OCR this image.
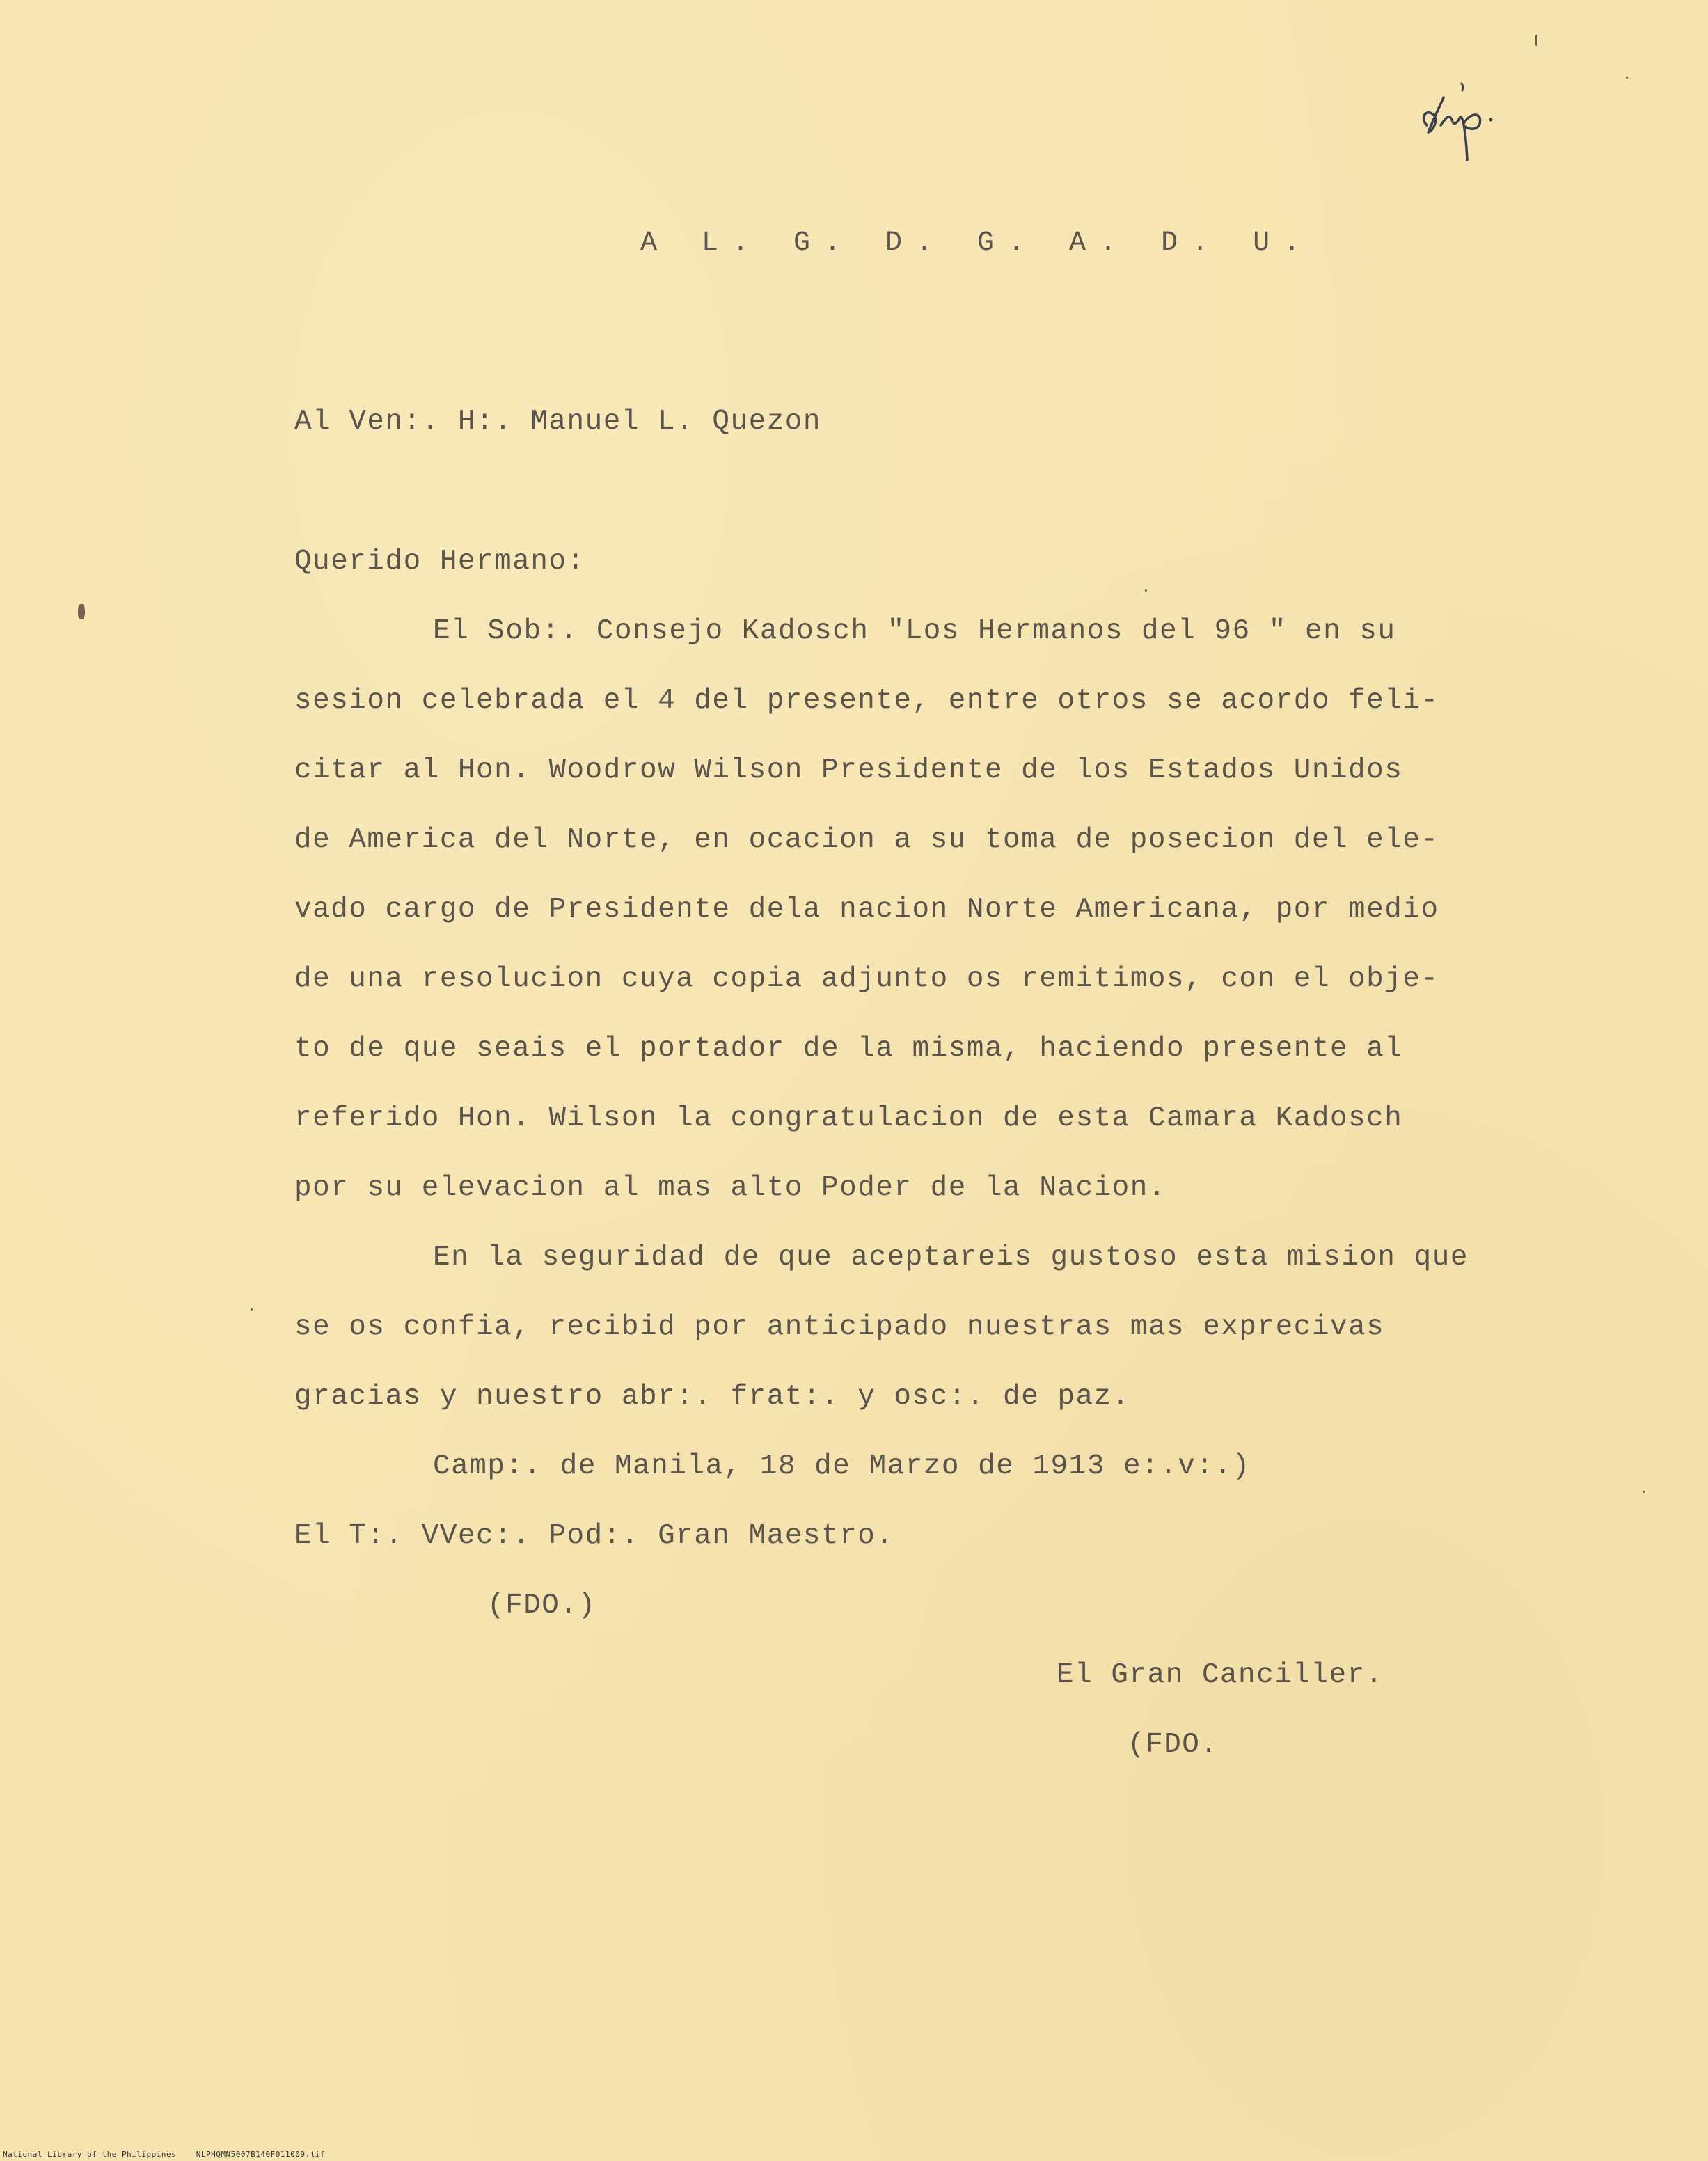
A L. G. D. G. A. D. U.
Al Ven:. H:. Manuel L. Quezon
Querido Hermano:
El Sob:. Consejo Kadosch "Los Hermanos del 96 " en su
sesion celebrada el 4 del presente, entre otros se acordo feli-
citar al Hon. Woodrow Wilson Presidente de los Estados Unidos
de America del Norte, en ocacion a su toma de posecion del ele-
vado cargo de Presidente dela nacion Norte Americana, por medio
de una resolucion cuya copia adjunto os remitimos, con el obje-
to de que seais el portador de la misma, haciendo presente al
referido Hon. Wilson la congratulacion de esta Camara Kadosch
por su elevacion al mas alto Poder de la Nacion.
En la seguridad de que aceptareis gustoso esta mision que
se os confia, recibid por anticipado nuestras mas exprecivas
gracias y nuestro abr:. frat:. y osc:. de paz.
Camp:. de Manila, 18 de Marzo de 1913 e:.v:.)
El T:. VVec:. Pod:. Gran Maestro.
(FDO.)
El Gran Canciller.
(FDO.
National Library of the Philippines	NLPHQMN5007B140F011009.tif
